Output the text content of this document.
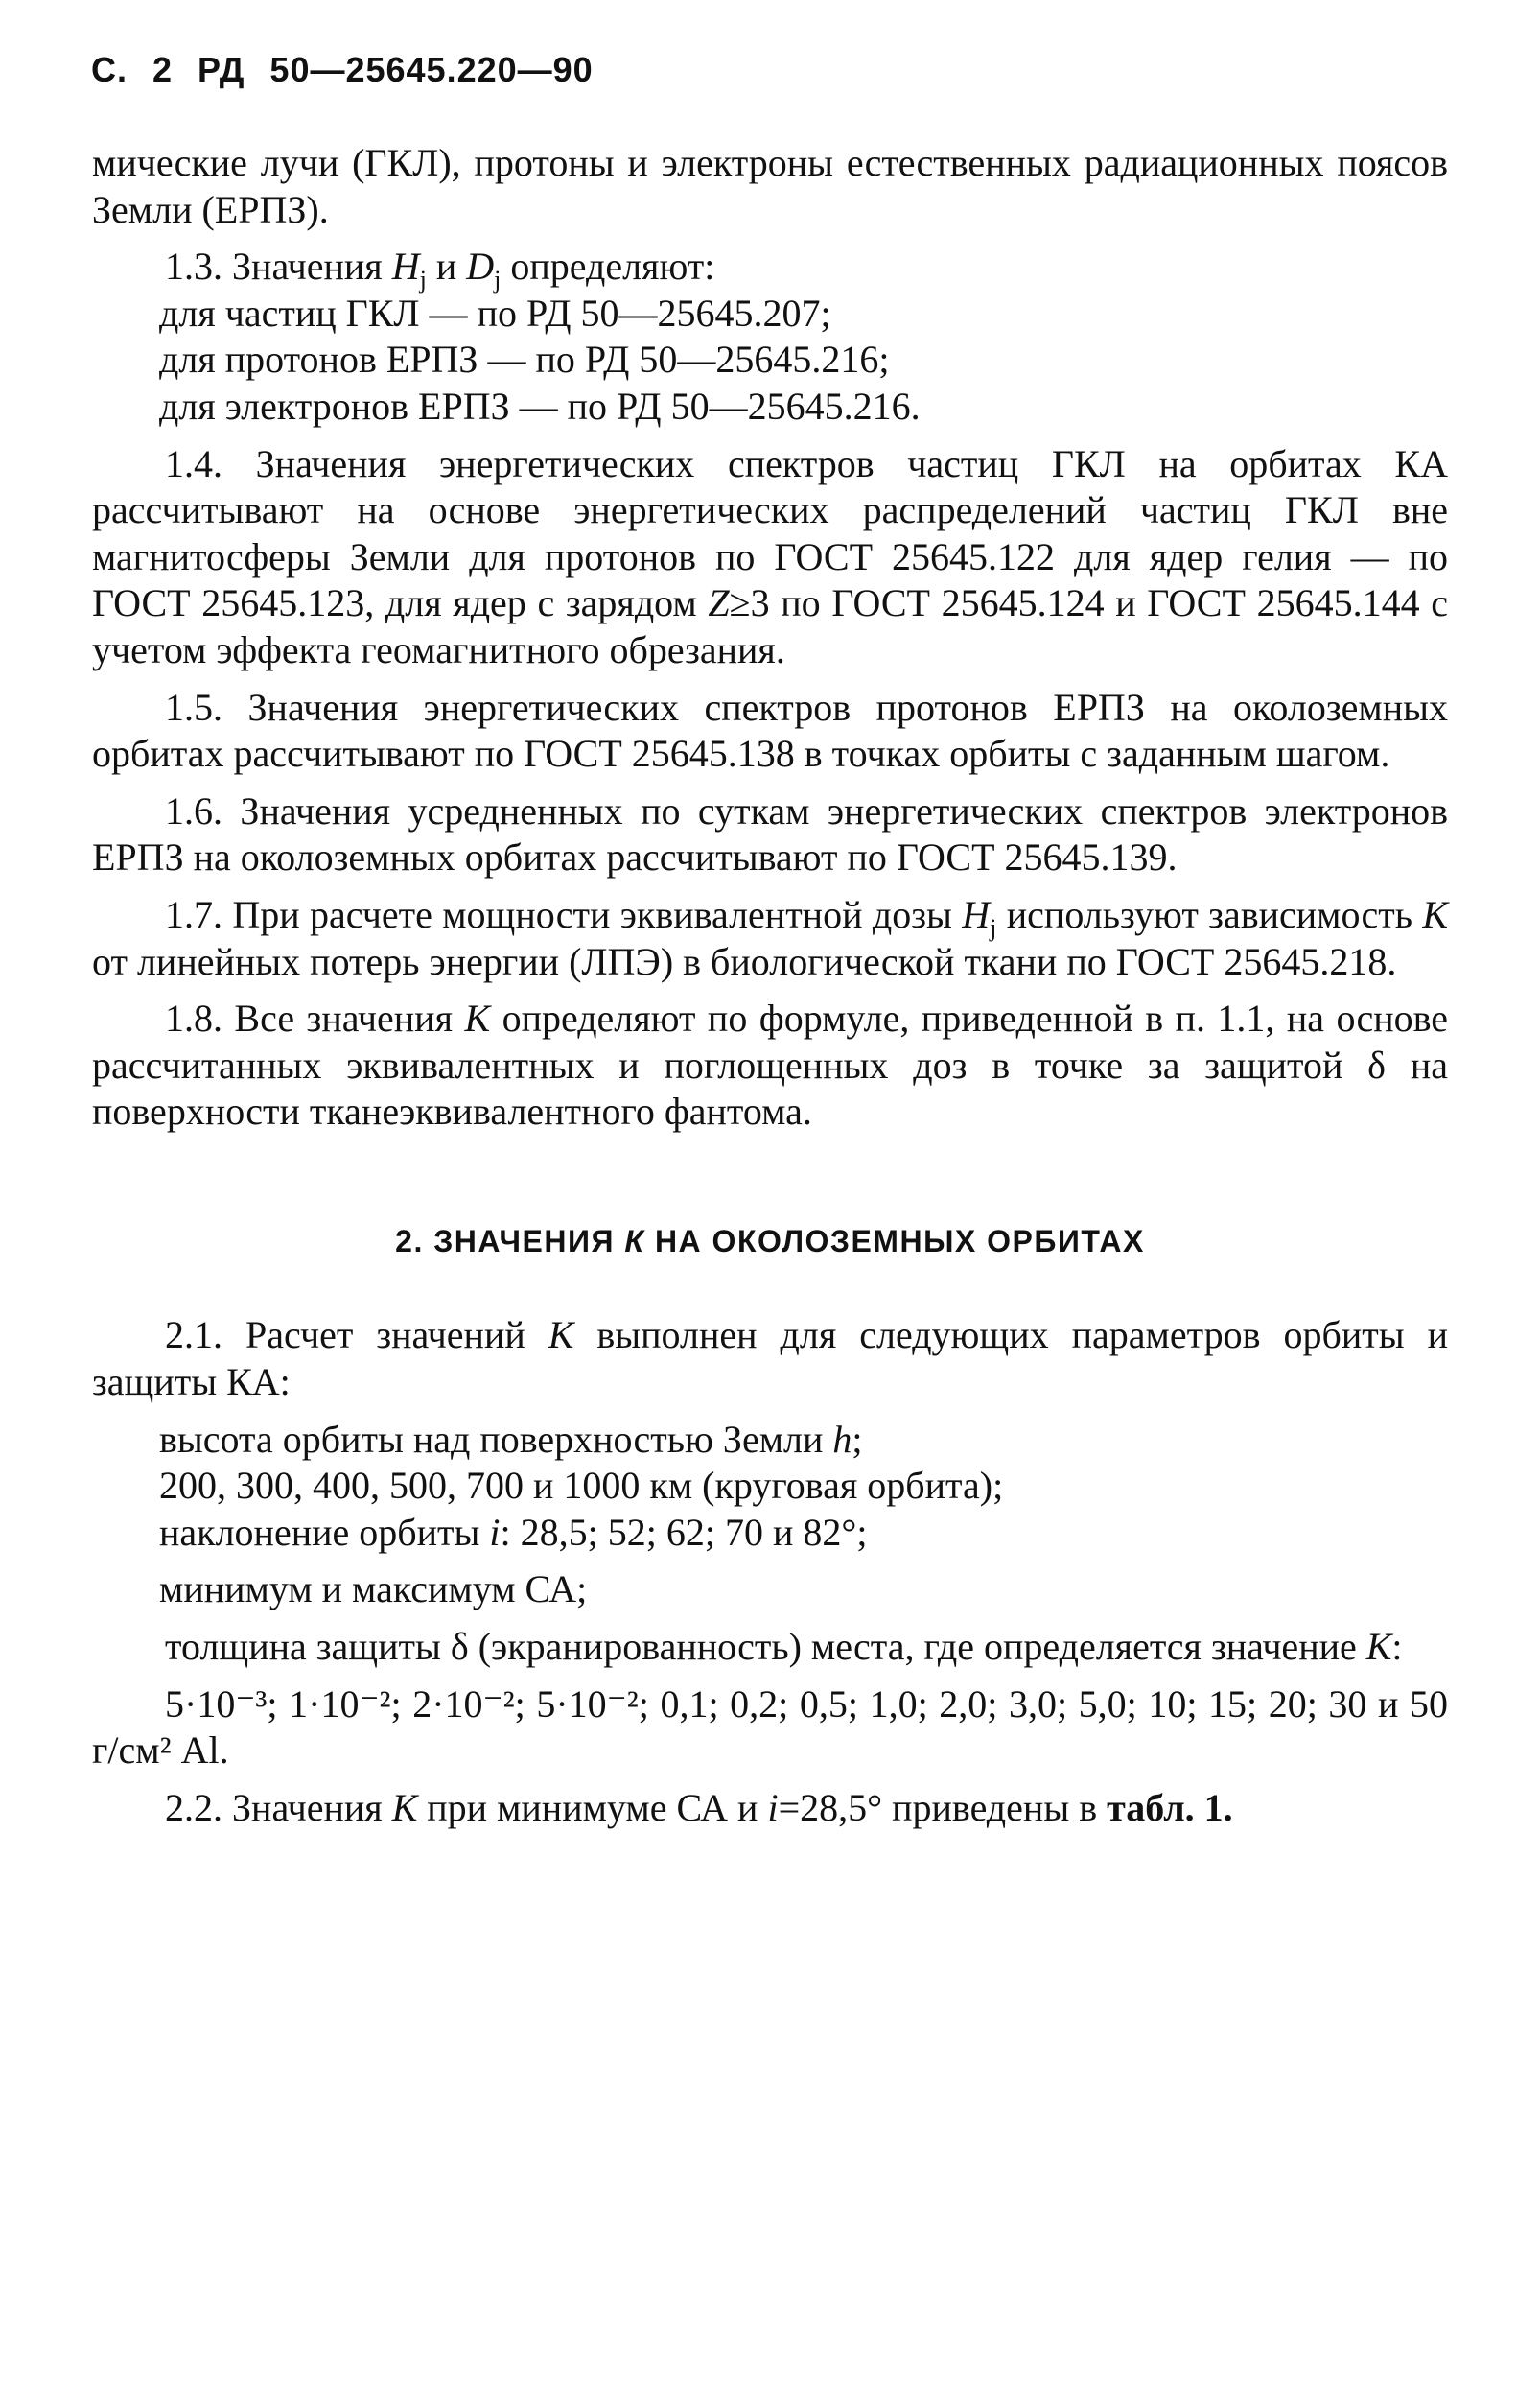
С. 2 РД 50—25645.220—90
мические лучи (ГКЛ), протоны и электроны естественных радиационных поясов Земли (ЕРПЗ).
1.3. Значения $H_j$ и $D_j$ определяют:
для частиц ГКЛ — по РД 50—25645.207;
для протонов ЕРПЗ — по РД 50—25645.216;
для электронов ЕРПЗ — по РД 50—25645.216.
1.4. Значения энергетических спектров частиц ГКЛ на орбитах КА рассчитывают на основе энергетических распределений частиц ГКЛ вне магнитосферы Земли для протонов по ГОСТ 25645.122 для ядер гелия — по ГОСТ 25645.123, для ядер с зарядом Z≥3 по ГОСТ 25645.124 и ГОСТ 25645.144 с учетом эффекта геомагнитного обрезания.
1.5. Значения энергетических спектров протонов ЕРПЗ на околоземных орбитах рассчитывают по ГОСТ 25645.138 в точках орбиты с заданным шагом.
1.6. Значения усредненных по суткам энергетических спектров электронов ЕРПЗ на околоземных орбитах рассчитывают по ГОСТ 25645.139.
1.7. При расчете мощности эквивалентной дозы $H_j$ используют зависимость K от линейных потерь энергии (ЛПЭ) в биологической ткани по ГОСТ 25645.218.
1.8. Все значения K определяют по формуле, приведенной в п. 1.1, на основе рассчитанных эквивалентных и поглощенных доз в точке за защитой δ на поверхности тканеэквивалентного фантома.
2. ЗНАЧЕНИЯ К НА ОКОЛОЗЕМНЫХ ОРБИТАХ
2.1. Расчет значений К выполнен для следующих параметров орбиты и защиты КА:
высота орбиты над поверхностью Земли h;
200, 300, 400, 500, 700 и 1000 км (круговая орбита);
наклонение орбиты i: 28,5; 52; 62; 70 и 82°;
минимум и максимум СА;
толщина защиты δ (экранированность) места, где определяется значение К:
5·10⁻³; 1·10⁻²; 2·10⁻²; 5·10⁻²; 0,1; 0,2; 0,5; 1,0; 2,0; 3,0; 5,0; 10; 15; 20; 30 и 50 г/см² Al.
2.2. Значения К при минимуме СА и i=28,5° приведены в табл. 1.
